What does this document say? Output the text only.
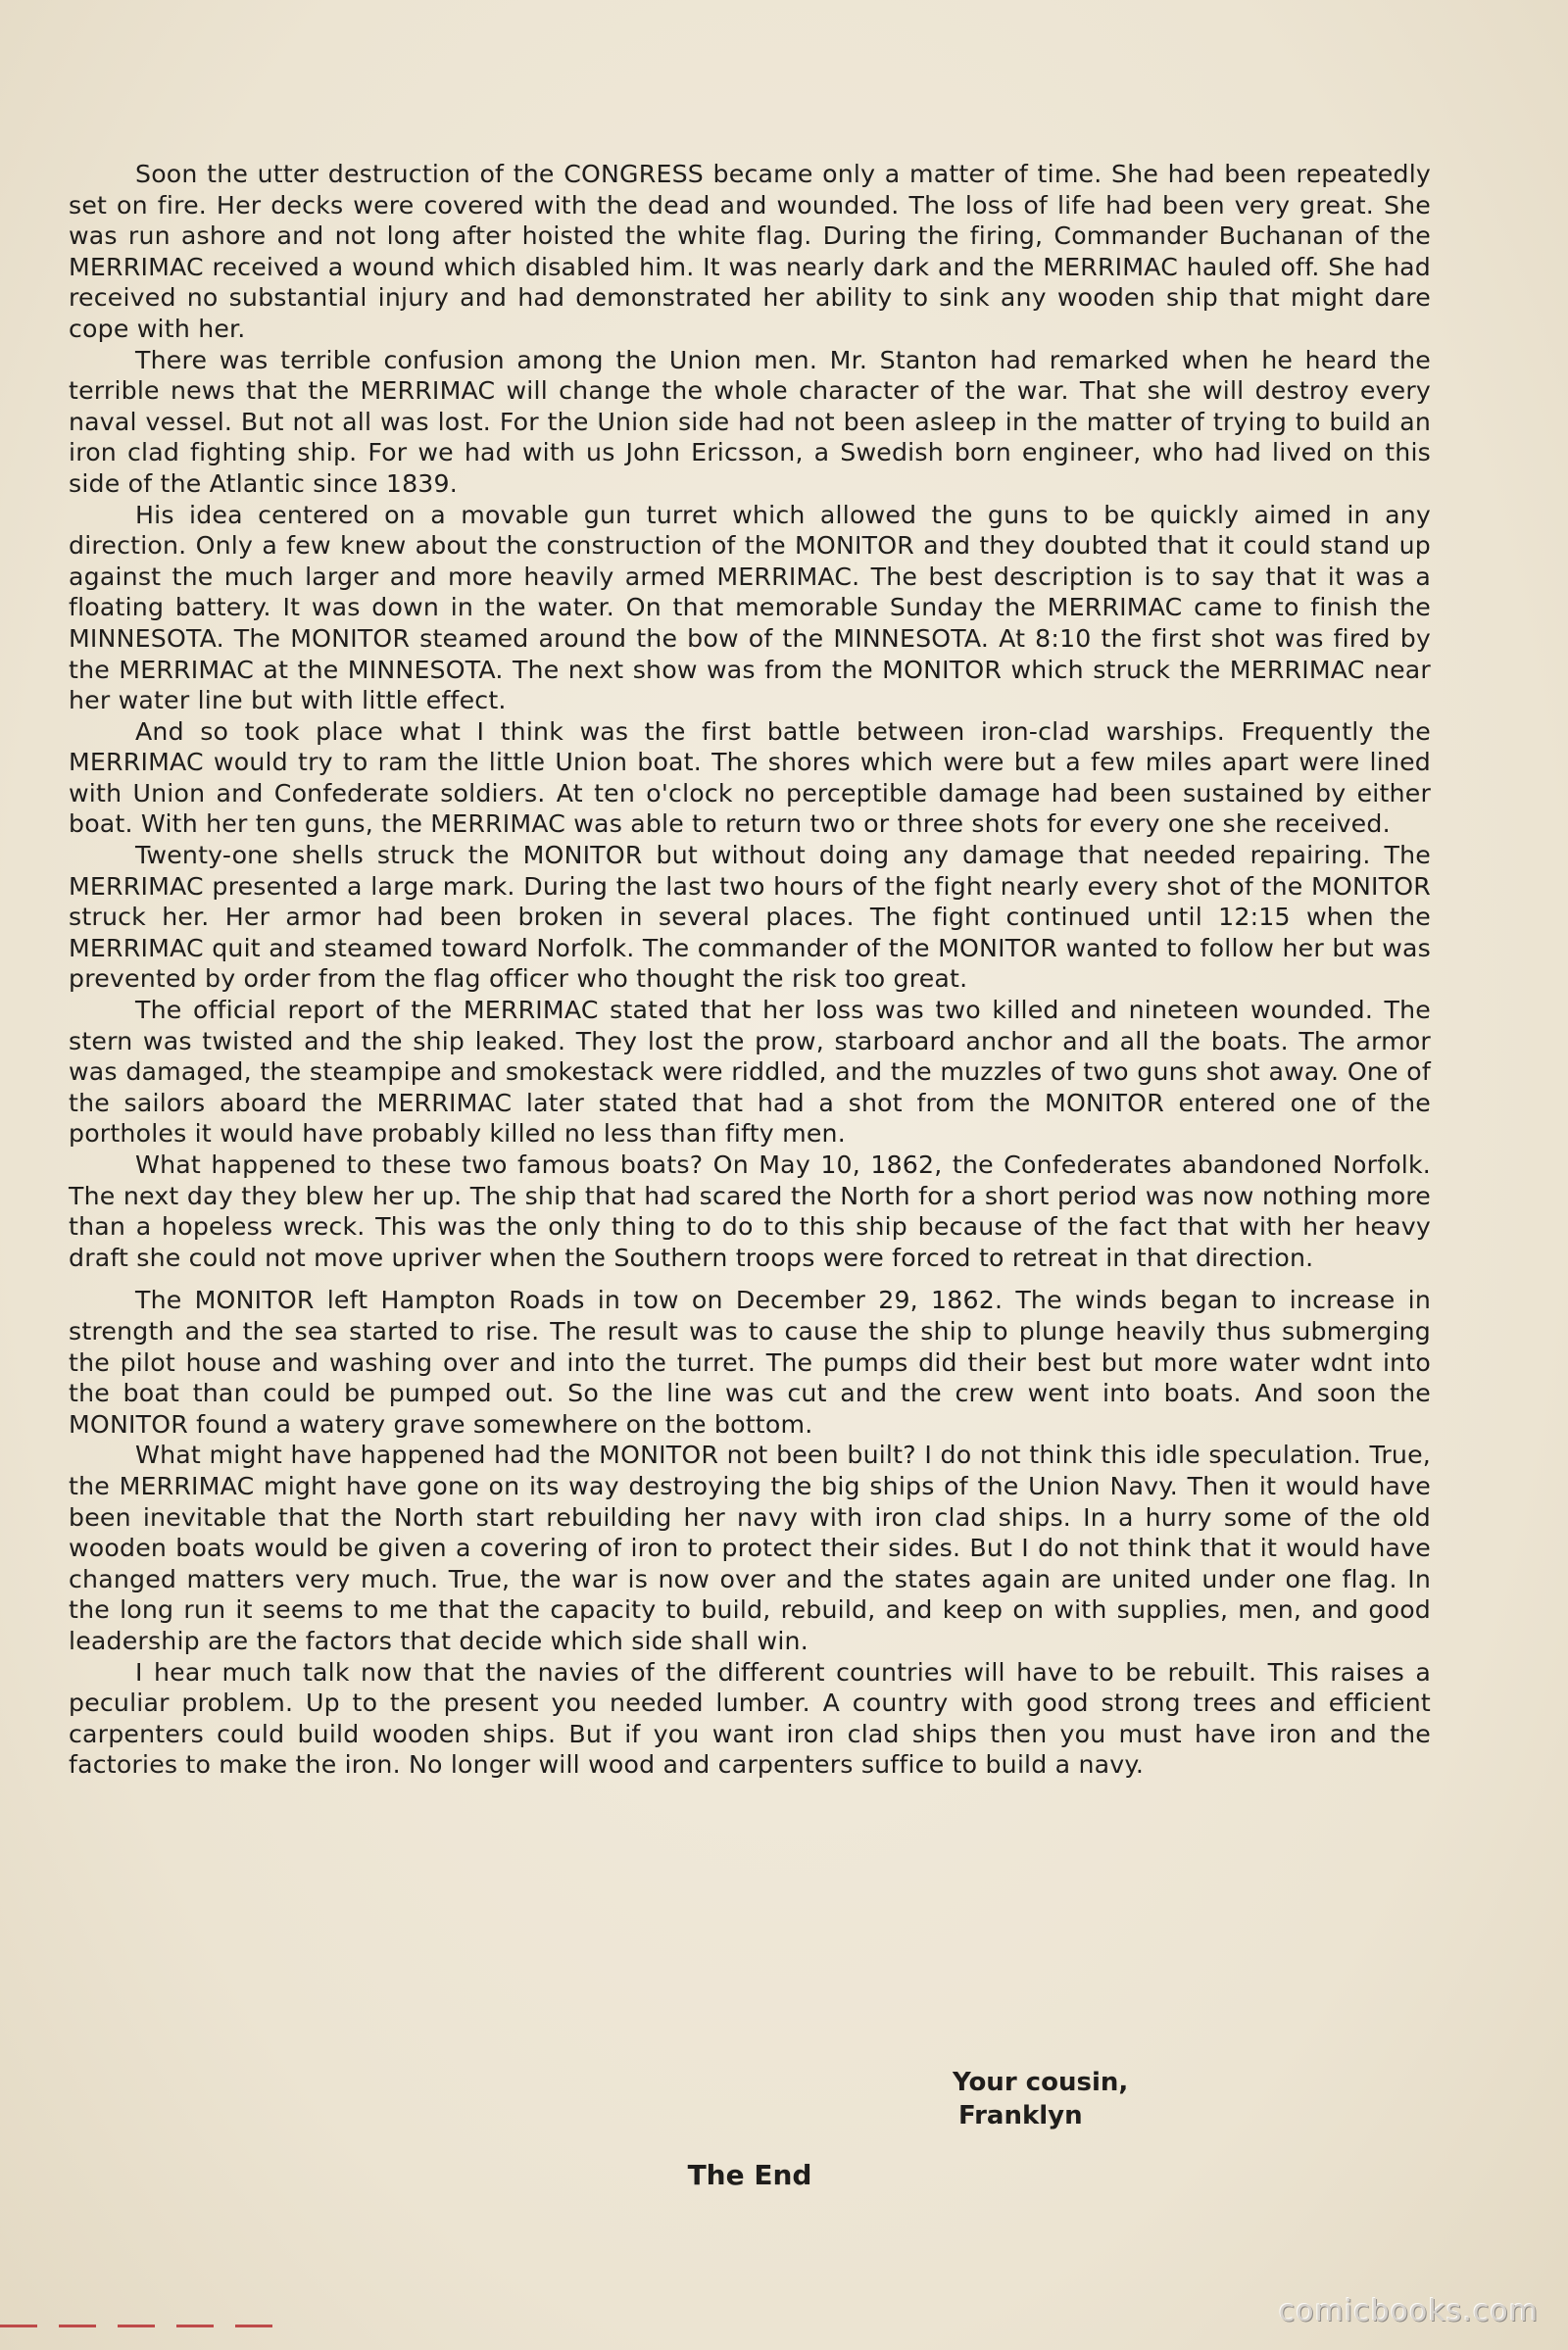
Soon the utter destruction of the CONGRESS became only a matter of time. She had been repeatedly set on fire. Her decks were covered with the dead and wounded. The loss of life had been very great. She was run ashore and not long after hoisted the white flag. During the firing, Commander Buchanan of the MERRIMAC received a wound which disabled him. It was nearly dark and the MERRIMAC hauled off. She had received no substantial injury and had demonstrated her ability to sink any wooden ship that might dare cope with her.

There was terrible confusion among the Union men. Mr. Stanton had remarked when he heard the terrible news that the MERRIMAC will change the whole character of the war. That she will destroy every naval vessel. But not all was lost. For the Union side had not been asleep in the matter of trying to build an iron clad fighting ship. For we had with us John Ericsson, a Swedish born engineer, who had lived on this side of the Atlantic since 1839.

His idea centered on a movable gun turret which allowed the guns to be quickly aimed in any direction. Only a few knew about the construction of the MONITOR and they doubted that it could stand up against the much larger and more heavily armed MERRIMAC. The best description is to say that it was a floating battery. It was down in the water. On that memorable Sunday the MERRIMAC came to finish the MINNESOTA. The MONITOR steamed around the bow of the MINNESOTA. At 8:10 the first shot was fired by the MERRIMAC at the MINNESOTA. The next show was from the MONITOR which struck the MERRIMAC near her water line but with little effect.

And so took place what I think was the first battle between iron-clad warships. Frequently the MERRIMAC would try to ram the little Union boat. The shores which were but a few miles apart were lined with Union and Confederate soldiers. At ten o'clock no perceptible damage had been sustained by either boat. With her ten guns, the MERRIMAC was able to return two or three shots for every one she received.

Twenty-one shells struck the MONITOR but without doing any damage that needed repairing. The MERRIMAC presented a large mark. During the last two hours of the fight nearly every shot of the MONITOR struck her. Her armor had been broken in several places. The fight continued until 12:15 when the MERRIMAC quit and steamed toward Norfolk. The commander of the MONITOR wanted to follow her but was prevented by order from the flag officer who thought the risk too great.

The official report of the MERRIMAC stated that her loss was two killed and nineteen wounded. The stern was twisted and the ship leaked. They lost the prow, starboard anchor and all the boats. The armor was damaged, the steampipe and smokestack were riddled, and the muzzles of two guns shot away. One of the sailors aboard the MERRIMAC later stated that had a shot from the MONITOR entered one of the portholes it would have probably killed no less than fifty men.

What happened to these two famous boats? On May 10, 1862, the Confederates abandoned Norfolk. The next day they blew her up. The ship that had scared the North for a short period was now nothing more than a hopeless wreck. This was the only thing to do to this ship because of the fact that with her heavy draft she could not move upriver when the Southern troops were forced to retreat in that direction.

The MONITOR left Hampton Roads in tow on December 29, 1862. The winds began to increase in strength and the sea started to rise. The result was to cause the ship to plunge heavily thus submerging the pilot house and washing over and into the turret. The pumps did their best but more water wdnt into the boat than could be pumped out. So the line was cut and the crew went into boats. And soon the MONITOR found a watery grave somewhere on the bottom.

What might have happened had the MONITOR not been built? I do not think this idle speculation. True, the MERRIMAC might have gone on its way destroying the big ships of the Union Navy. Then it would have been inevitable that the North start rebuilding her navy with iron clad ships. In a hurry some of the old wooden boats would be given a covering of iron to protect their sides. But I do not think that it would have changed matters very much. True, the war is now over and the states again are united under one flag. In the long run it seems to me that the capacity to build, rebuild, and keep on with supplies, men, and good leadership are the factors that decide which side shall win.

I hear much talk now that the navies of the different countries will have to be rebuilt. This raises a peculiar problem. Up to the present you needed lumber. A country with good strong trees and efficient carpenters could build wooden ships. But if you want iron clad ships then you must have iron and the factories to make the iron. No longer will wood and carpenters suffice to build a navy.

Your cousin,
Franklyn
The End
comicbooks.com
